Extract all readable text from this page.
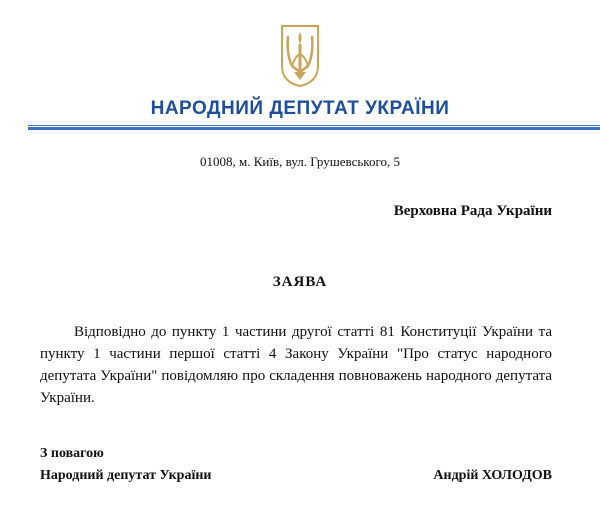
НАРОДНИЙ ДЕПУТАТ УКРАЇНИ
01008, м. Київ, вул. Грушевського, 5
Верховна Рада України
ЗАЯВА

Відповідно до пункту 1 частини другої статті 81 Конституції України та пункту 1 частини першої статті 4 Закону України "Про статус народного депутата України" повідомляю про складення повноважень народного депутата України.

З повагою
Народний депутат України	Андрій ХОЛОДОВ
